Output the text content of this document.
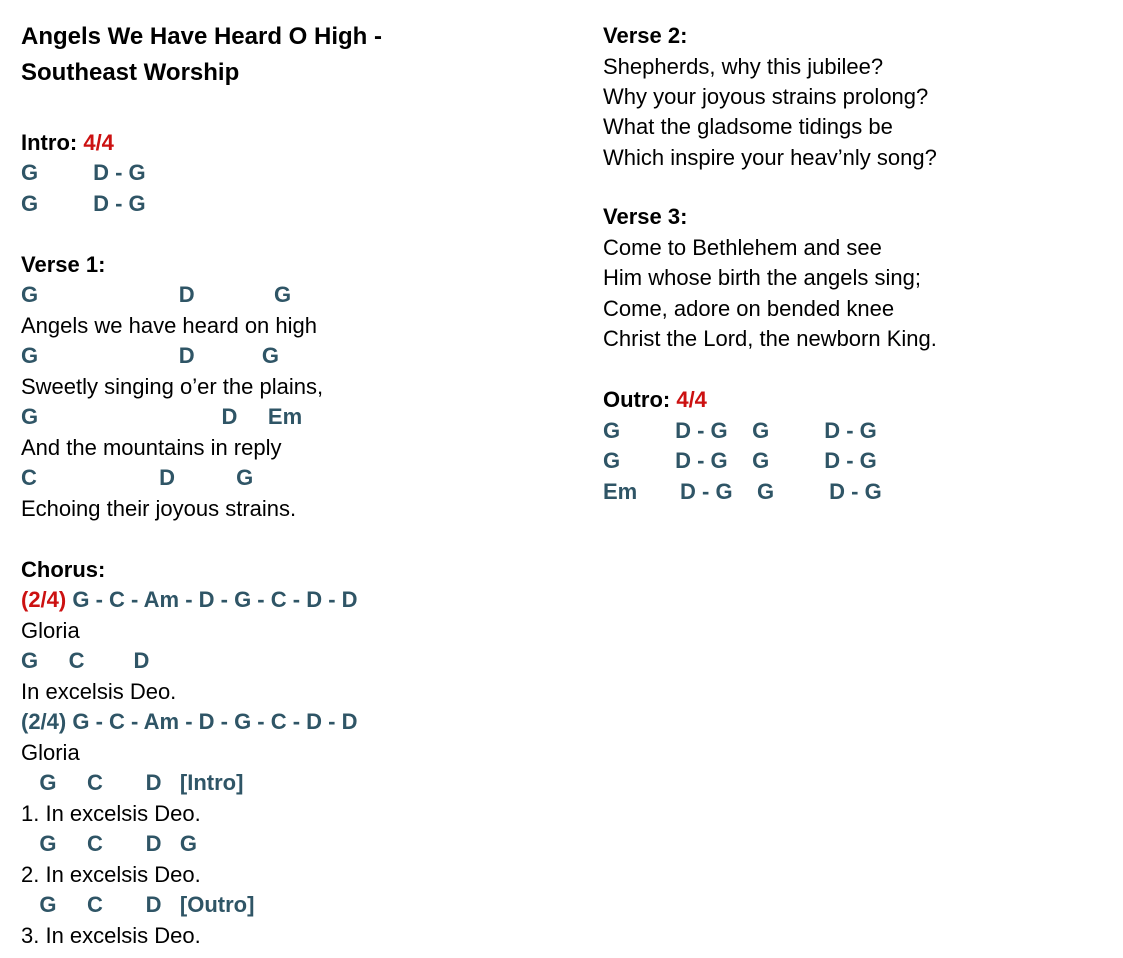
Angels We Have Heard O High -
Southeast Worship
Intro: 4/4
G         D - G
G         D - G
Verse 1:
G                       D             G
Angels we have heard on high
G                       D           G
Sweetly singing o’er the plains,
G                              D     Em
And the mountains in reply
C                    D          G
Echoing their joyous strains.
Chorus:
(2/4) G - C - Am - D - G - C - D - D
Gloria
G     C        D
In excelsis Deo.
(2/4) G - C - Am - D - G - C - D - D
Gloria
G     C       D   [Intro]
1. In excelsis Deo.
G     C       D   G
2. In excelsis Deo.
G     C       D   [Outro]
3. In excelsis Deo.
Verse 2:
Shepherds, why this jubilee?
Why your joyous strains prolong?
What the gladsome tidings be
Which inspire your heav’nly song?
Verse 3:
Come to Bethlehem and see
Him whose birth the angels sing;
Come, adore on bended knee
Christ the Lord, the newborn King.
Outro: 4/4
G         D - G    G         D - G
G         D - G    G         D - G
Em       D - G    G         D - G
